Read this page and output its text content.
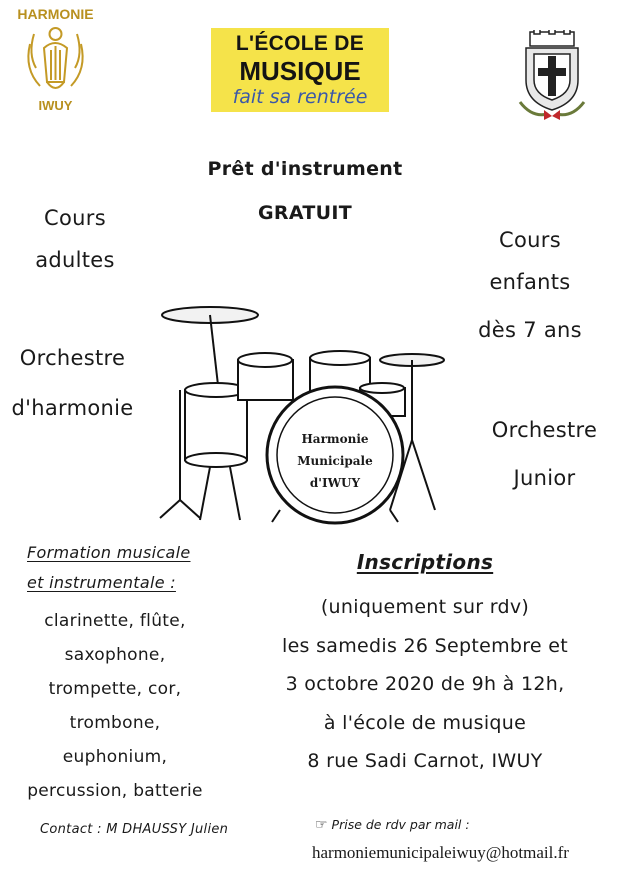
HARMONIE
IWUY
L'ÉCOLE DE
MUSIQUE
fait sa rentrée
Prêt d'instrument
GRATUIT
Cours
adultes
Orchestre
d'harmonie
Cours
enfants
dès 7 ans
Orchestre
Junior
Harmonie
Municipale
d'IWUY
Formation musicale
et instrumentale :
clarinette, flûte,
saxophone,
trompette, cor,
trombone,
euphonium,
percussion, batterie
Inscriptions
(uniquement sur rdv)
les samedis 26 Septembre et
3 octobre 2020 de 9h à 12h,
à l'école de musique
8 rue Sadi Carnot, IWUY
Contact : M DHAUSSY Julien	☞ Prise de rdv par mail :
harmoniemunicipaleiwuy@hotmail.fr
